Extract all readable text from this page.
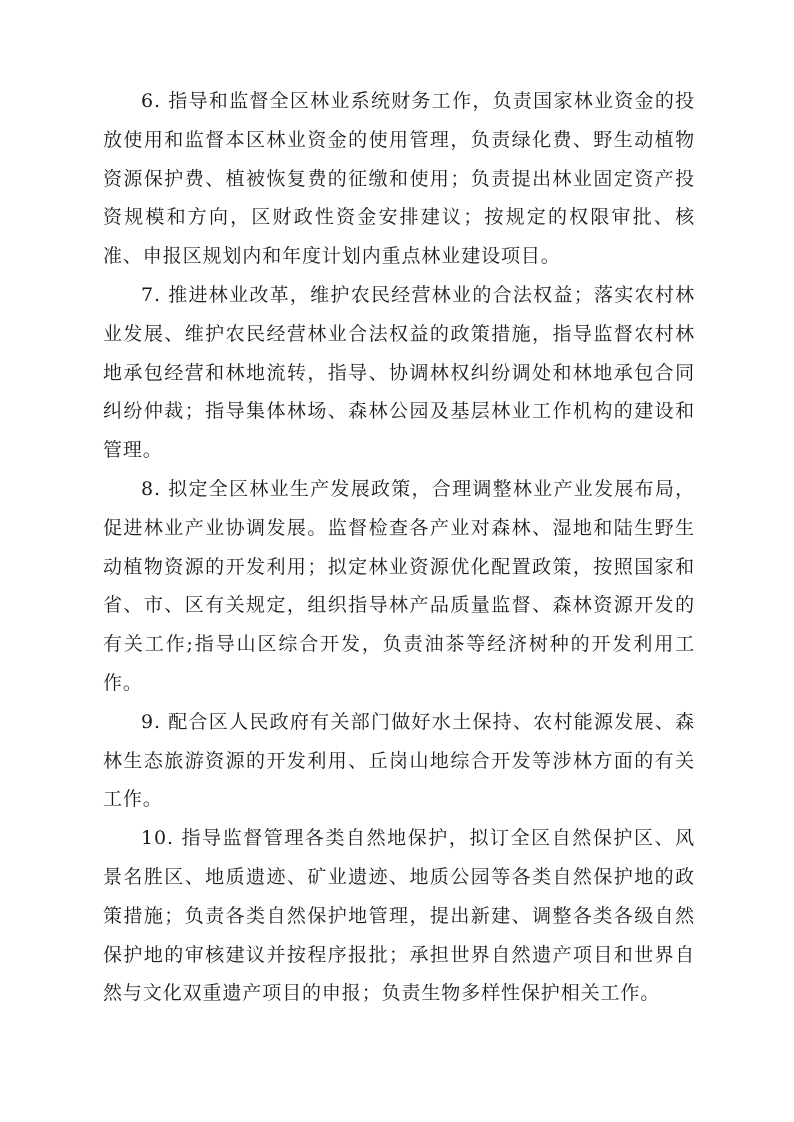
6. 指导和监督全区林业系统财务工作，负责国家林业资金的投放使用和监督本区林业资金的使用管理，负责绿化费、野生动植物资源保护费、植被恢复费的征缴和使用；负责提出林业固定资产投资规模和方向，区财政性资金安排建议；按规定的权限审批、核准、申报区规划内和年度计划内重点林业建设项目。

7. 推进林业改革，维护农民经营林业的合法权益；落实农村林业发展、维护农民经营林业合法权益的政策措施，指导监督农村林地承包经营和林地流转，指导、协调林权纠纷调处和林地承包合同纠纷仲裁；指导集体林场、森林公园及基层林业工作机构的建设和管理。

8. 拟定全区林业生产发展政策，合理调整林业产业发展布局，促进林业产业协调发展。监督检查各产业对森林、湿地和陆生野生动植物资源的开发利用；拟定林业资源优化配置政策，按照国家和省、市、区有关规定，组织指导林产品质量监督、森林资源开发的有关工作;指导山区综合开发，负责油茶等经济树种的开发利用工作。

9. 配合区人民政府有关部门做好水土保持、农村能源发展、森林生态旅游资源的开发利用、丘岗山地综合开发等涉林方面的有关工作。

10. 指导监督管理各类自然地保护，拟订全区自然保护区、风景名胜区、地质遗迹、矿业遗迹、地质公园等各类自然保护地的政策措施；负责各类自然保护地管理，提出新建、调整各类各级自然保护地的审核建议并按程序报批；承担世界自然遗产项目和世界自然与文化双重遗产项目的申报；负责生物多样性保护相关工作。
